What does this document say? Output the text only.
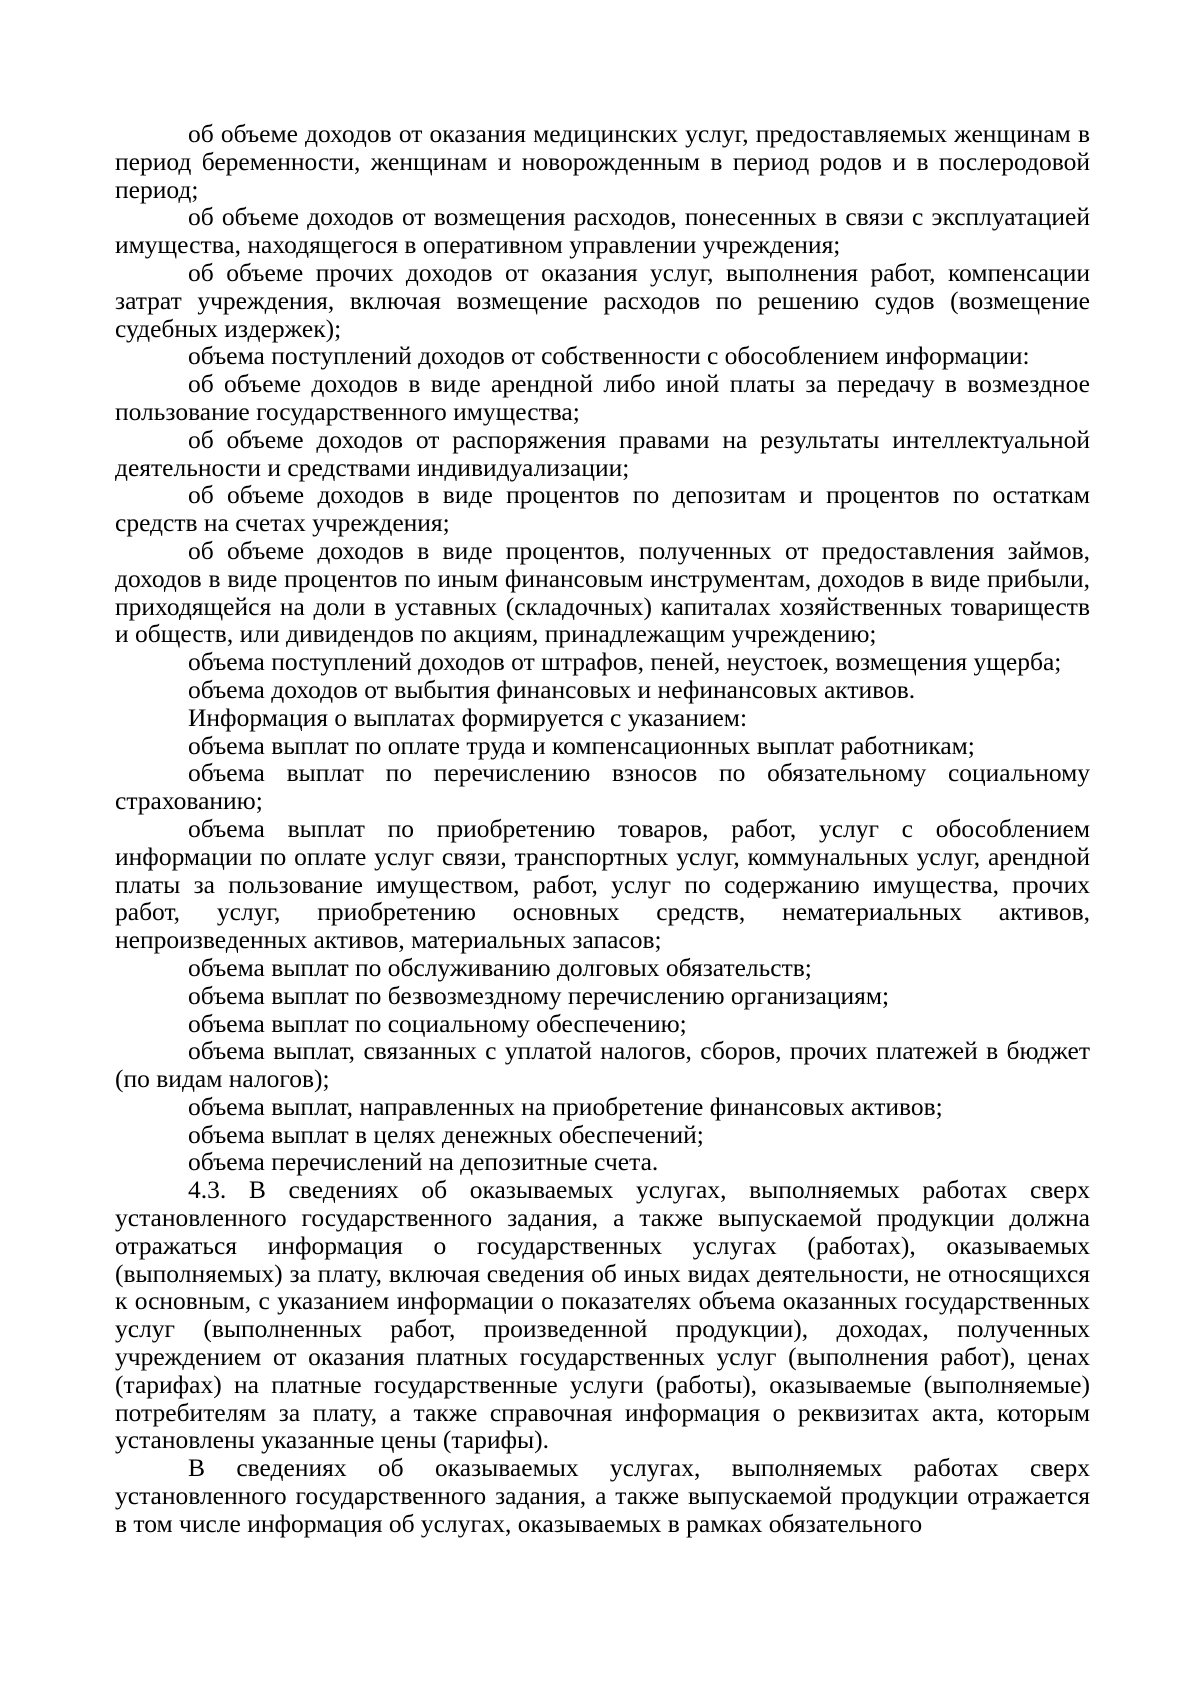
об объеме доходов от оказания медицинских услуг, предоставляемых женщинам в период беременности, женщинам и новорожденным в период родов и в послеродовой период;

об объеме доходов от возмещения расходов, понесенных в связи с эксплуатацией имущества, находящегося в оперативном управлении учреждения;

об объеме прочих доходов от оказания услуг, выполнения работ, компенсации затрат учреждения, включая возмещение расходов по решению судов (возмещение судебных издержек);

объема поступлений доходов от собственности с обособлением информации:

об объеме доходов в виде арендной либо иной платы за передачу в возмездное пользование государственного имущества;

об объеме доходов от распоряжения правами на результаты интеллектуальной деятельности и средствами индивидуализации;

об объеме доходов в виде процентов по депозитам и процентов по остаткам средств на счетах учреждения;

об объеме доходов в виде процентов, полученных от предоставления займов, доходов в виде процентов по иным финансовым инструментам, доходов в виде прибыли, приходящейся на доли в уставных (складочных) капиталах хозяйственных товариществ и обществ, или дивидендов по акциям, принадлежащим учреждению;

объема поступлений доходов от штрафов, пеней, неустоек, возмещения ущерба;

объема доходов от выбытия финансовых и нефинансовых активов.

Информация о выплатах формируется с указанием:

объема выплат по оплате труда и компенсационных выплат работникам;

объема выплат по перечислению взносов по обязательному социальному страхованию;

объема выплат по приобретению товаров, работ, услуг с обособлением информации по оплате услуг связи, транспортных услуг, коммунальных услуг, арендной платы за пользование имуществом, работ, услуг по содержанию имущества, прочих работ, услуг, приобретению основных средств, нематериальных активов, непроизведенных активов, материальных запасов;

объема выплат по обслуживанию долговых обязательств;

объема выплат по безвозмездному перечислению организациям;

объема выплат по социальному обеспечению;

объема выплат, связанных с уплатой налогов, сборов, прочих платежей в бюджет (по видам налогов);

объема выплат, направленных на приобретение финансовых активов;

объема выплат в целях денежных обеспечений;

объема перечислений на депозитные счета.

4.3. В сведениях об оказываемых услугах, выполняемых работах сверх установленного государственного задания, а также выпускаемой продукции должна отражаться информация о государственных услугах (работах), оказываемых (выполняемых) за плату, включая сведения об иных видах деятельности, не относящихся к основным, с указанием информации о показателях объема оказанных государственных услуг (выполненных работ, произведенной продукции), доходах, полученных учреждением от оказания платных государственных услуг (выполнения работ), ценах (тарифах) на платные государственные услуги (работы), оказываемые (выполняемые) потребителям за плату, а также справочная информация о реквизитах акта, которым установлены указанные цены (тарифы).

В сведениях об оказываемых услугах, выполняемых работах сверх установленного государственного задания, а также выпускаемой продукции отражается в том числе информация об услугах, оказываемых в рамках обязательного
